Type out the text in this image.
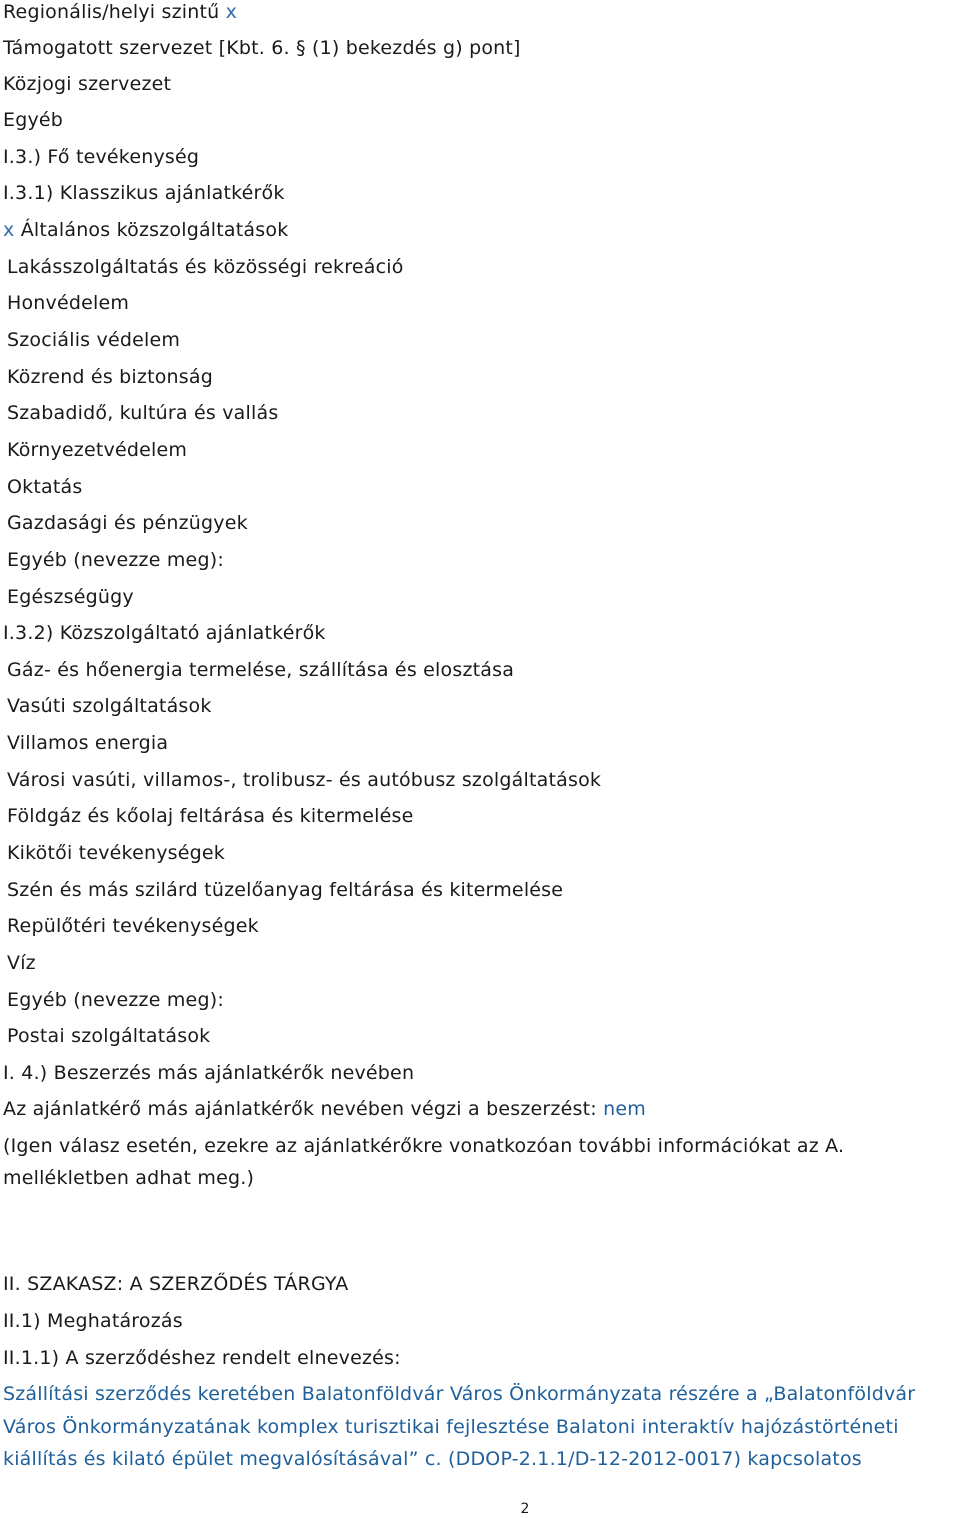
Regionális/helyi szintű x
Támogatott szervezet [Kbt. 6. § (1) bekezdés g) pont]
Közjogi szervezet
Egyéb
I.3.) Fő tevékenység
I.3.1) Klasszikus ajánlatkérők
x Általános közszolgáltatások
Lakásszolgáltatás és közösségi rekreáció
Honvédelem
Szociális védelem
Közrend és biztonság
Szabadidő, kultúra és vallás
Környezetvédelem
Oktatás
Gazdasági és pénzügyek
Egyéb (nevezze meg):
Egészségügy
I.3.2) Közszolgáltató ajánlatkérők
Gáz- és hőenergia termelése, szállítása és elosztása
Vasúti szolgáltatások
Villamos energia
Városi vasúti, villamos-, trolibusz- és autóbusz szolgáltatások
Földgáz és kőolaj feltárása és kitermelése
Kikötői tevékenységek
Szén és más szilárd tüzelőanyag feltárása és kitermelése
Repülőtéri tevékenységek
Víz
Egyéb (nevezze meg):
Postai szolgáltatások
I. 4.) Beszerzés más ajánlatkérők nevében
Az ajánlatkérő más ajánlatkérők nevében végzi a beszerzést: nem
(Igen válasz esetén, ezekre az ajánlatkérőkre vonatkozóan további információkat az A. mellékletben adhat meg.)
II. SZAKASZ: A SZERZŐDÉS TÁRGYA
II.1) Meghatározás
II.1.1) A szerződéshez rendelt elnevezés:
Szállítási szerződés keretében Balatonföldvár Város Önkormányzata részére a „Balatonföldvár Város Önkormányzatának komplex turisztikai fejlesztése Balatoni interaktív hajózástörténeti kiállítás és kilató épület megvalósításával” c. (DDOP-2.1.1/D-12-2012-0017) kapcsolatos
2
